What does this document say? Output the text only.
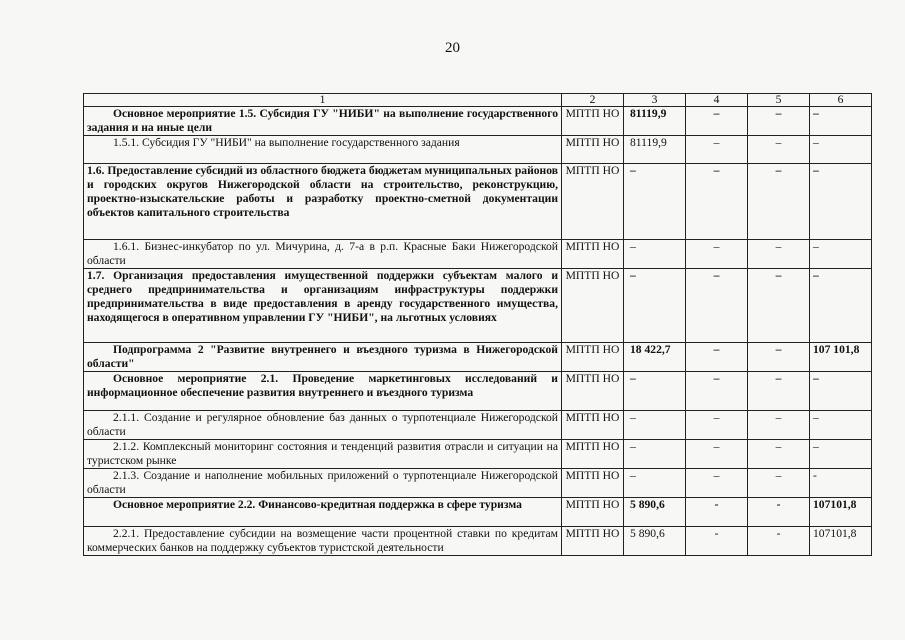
20
1	2	3	4	5	6
Основное мероприятие 1.5. Субсидия ГУ "НИБИ" на выполнение государственного задания и на иные цели	МПТП НО	81119,9	–	–	–
1.5.1. Субсидия ГУ "НИБИ" на выполнение государственного задания	МПТП НО	81119,9	–	–	–
1.6. Предоставление субсидий из областного бюджета бюджетам муниципальных районов и городских округов Нижегородской области на строительство, реконструкцию, проектно-изыскательские работы и разработку проектно-сметной документации объектов капитального строительства	МПТП НО	–	–	–	–
1.6.1. Бизнес-инкубатор по ул. Мичурина, д. 7-а в р.п. Красные Баки Нижегородской области	МПТП НО	–	–	–	–
1.7. Организация предоставления имущественной поддержки субъектам малого и среднего предпринимательства и организациям инфраструктуры поддержки предпринимательства в виде предоставления в аренду государственного имущества, находящегося в оперативном управлении ГУ "НИБИ", на льготных условиях	МПТП НО	–	–	–	–
Подпрограмма 2 "Развитие внутреннего и въездного туризма в Нижегородской области"	МПТП НО	18 422,7	–	–	107 101,8
Основное мероприятие 2.1. Проведение маркетинговых исследований и информационное обеспечение развития внутреннего и въездного туризма	МПТП НО	–	–	–	–
2.1.1. Создание и регулярное обновление баз данных о турпотенциале Нижегородской области	МПТП НО	–	–	–	–
2.1.2. Комплексный мониторинг состояния и тенденций развития отрасли и ситуации на туристском рынке	МПТП НО	–	–	–	–
2.1.3. Создание и наполнение мобильных приложений о турпотенциале Нижегородской области	МПТП НО	–	–	–	-
Основное мероприятие 2.2. Финансово-кредитная поддержка в сфере туризма	МПТП НО	5 890,6	-	-	107101,8
2.2.1. Предоставление субсидии на возмещение части процентной ставки по кредитам коммерческих банков на поддержку субъектов туристской деятельности	МПТП НО	5 890,6	-	-	107101,8
